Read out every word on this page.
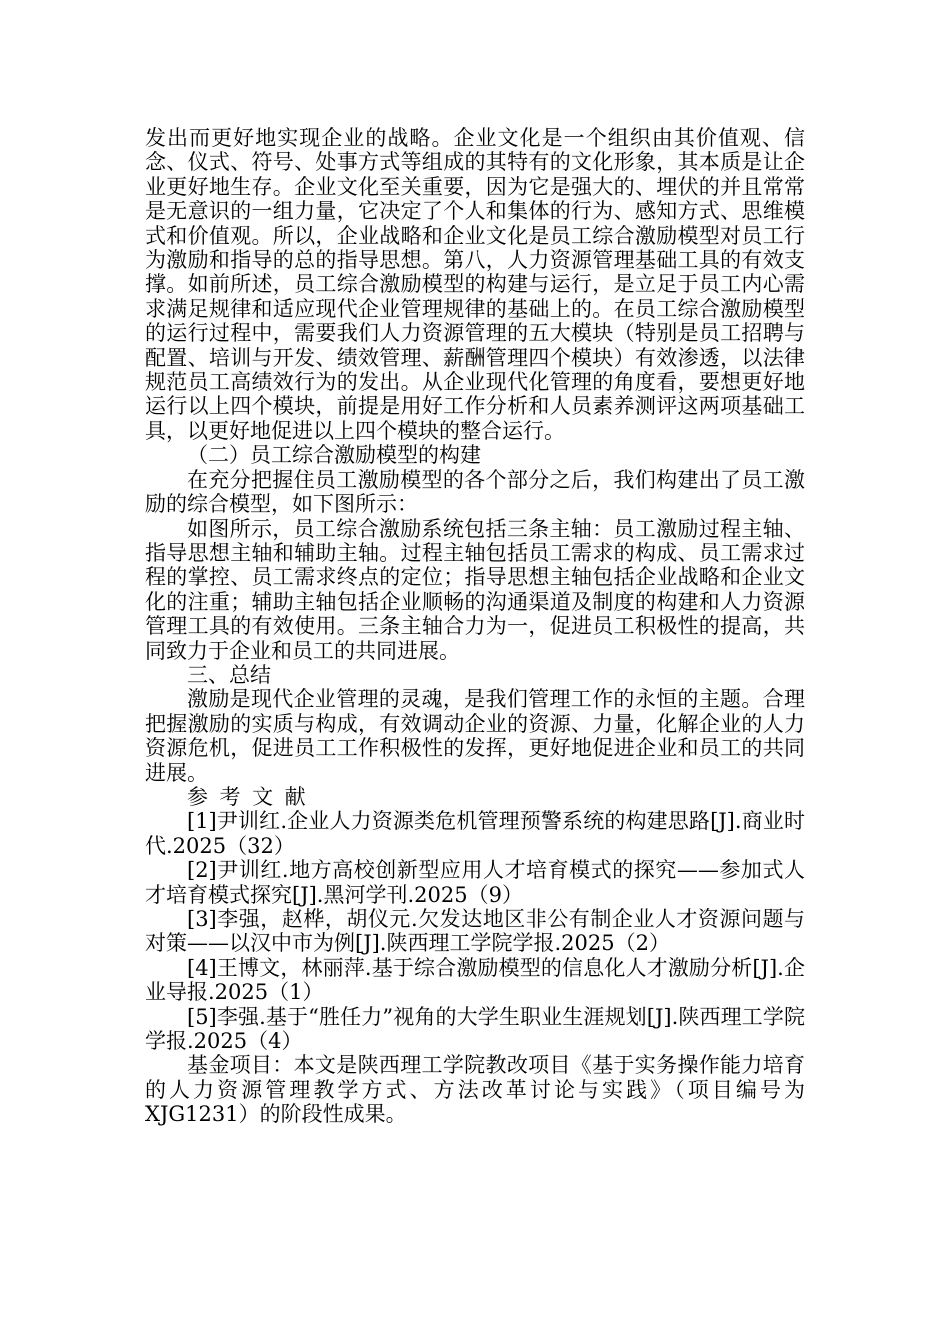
发出而更好地实现企业的战略。企业文化是一个组织由其价值观、信念、仪式、符号、处事方式等组成的其特有的文化形象，其本质是让企业更好地生存。企业文化至关重要，因为它是强大的、埋伏的并且常常是无意识的一组力量，它决定了个人和集体的行为、感知方式、思维模式和价值观。所以，企业战略和企业文化是员工综合激励模型对员工行为激励和指导的总的指导思想。第八，人力资源管理基础工具的有效支撑。如前所述，员工综合激励模型的构建与运行，是立足于员工内心需求满足规律和适应现代企业管理规律的基础上的。在员工综合激励模型的运行过程中，需要我们人力资源管理的五大模块（特别是员工招聘与配置、培训与开发、绩效管理、薪酬管理四个模块）有效渗透，以法律规范员工高绩效行为的发出。从企业现代化管理的角度看，要想更好地运行以上四个模块，前提是用好工作分析和人员素养测评这两项基础工具，以更好地促进以上四个模块的整合运行。

（二）员工综合激励模型的构建

在充分把握住员工激励模型的各个部分之后，我们构建出了员工激励的综合模型，如下图所示：

如图所示，员工综合激励系统包括三条主轴：员工激励过程主轴、指导思想主轴和辅助主轴。过程主轴包括员工需求的构成、员工需求过程的掌控、员工需求终点的定位；指导思想主轴包括企业战略和企业文化的注重；辅助主轴包括企业顺畅的沟通渠道及制度的构建和人力资源管理工具的有效使用。三条主轴合力为一，促进员工积极性的提高，共同致力于企业和员工的共同进展。

三、总结

激励是现代企业管理的灵魂，是我们管理工作的永恒的主题。合理把握激励的实质与构成，有效调动企业的资源、力量，化解企业的人力资源危机，促进员工工作积极性的发挥，更好地促进企业和员工的共同进展。

参考文献

[1]尹训红.企业人力资源类危机管理预警系统的构建思路[J].商业时代.2025（32）

[2]尹训红.地方高校创新型应用人才培育模式的探究——参加式人才培育模式探究[J].黑河学刊.2025（9）

[3]李强，赵桦，胡仪元.欠发达地区非公有制企业人才资源问题与对策——以汉中市为例[J].陕西理工学院学报.2025（2）

[4]王博文，林丽萍.基于综合激励模型的信息化人才激励分析[J].企业导报.2025（1）

[5]李强.基于“胜任力”视角的大学生职业生涯规划[J].陕西理工学院学报.2025（4）

基金项目：本文是陕西理工学院教改项目《基于实务操作能力培育的人力资源管理教学方式、方法改革讨论与实践》（项目编号为XJG1231）的阶段性成果。
